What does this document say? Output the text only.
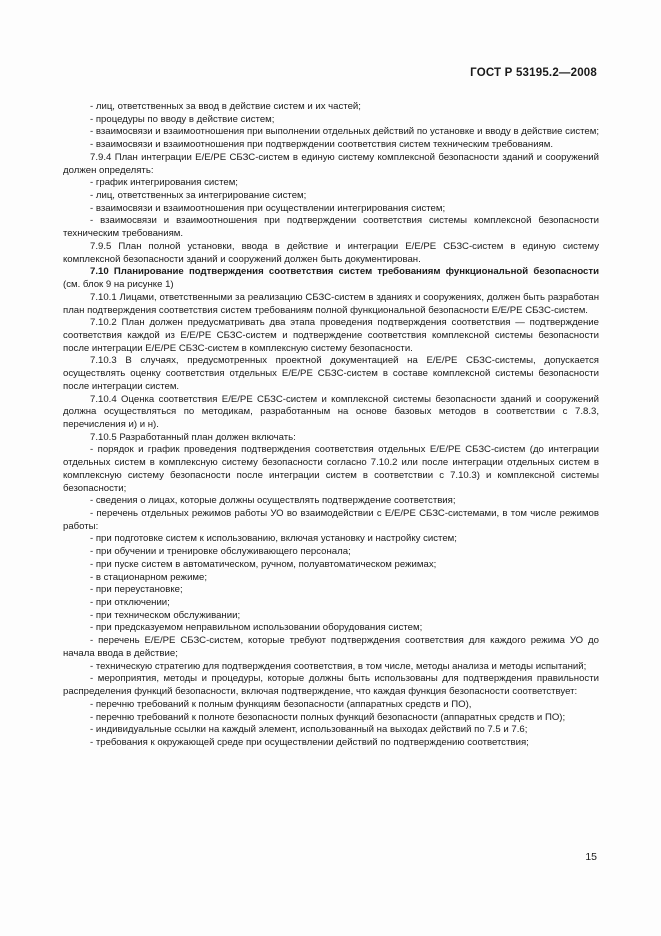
ГОСТ Р 53195.2—2008

- лиц, ответственных за ввод в действие систем и их частей;

- процедуры по вводу в действие систем;

- взаимосвязи и взаимоотношения при выполнении отдельных действий по установке и вводу в действие систем;

- взаимосвязи и взаимоотношения при подтверждении соответствия систем техническим требованиям.

7.9.4 План интеграции Е/Е/РЕ СБЗС-систем в единую систему комплексной безопасности зданий и сооружений должен определять:

- график интегрирования систем;

- лиц, ответственных за интегрирование систем;

- взаимосвязи и взаимоотношения при осуществлении интегрирования систем;

- взаимосвязи и взаимоотношения при подтверждении соответствия системы комплексной безопасности техническим требованиям.

7.9.5 План полной установки, ввода в действие и интеграции Е/Е/РЕ СБЗС-систем в единую систему комплексной безопасности зданий и сооружений должен быть документирован.

7.10 Планирование подтверждения соответствия систем требованиям функциональной безопасности (см. блок 9 на рисунке 1)

7.10.1 Лицами, ответственными за реализацию СБЗС-систем в зданиях и сооружениях, должен быть разработан план подтверждения соответствия систем требованиям полной функциональной безопасности Е/Е/РЕ СБЗС-систем.

7.10.2 План должен предусматривать два этапа проведения подтверждения соответствия — подтверждение соответствия каждой из Е/Е/РЕ СБЗС-систем и подтверждение соответствия комплексной системы безопасности после интеграции Е/Е/РЕ СБЗС-систем в комплексную систему безопасности.

7.10.3 В случаях, предусмотренных проектной документацией на Е/Е/РЕ СБЗС-системы, допускается осуществлять оценку соответствия отдельных Е/Е/РЕ СБЗС-систем в составе комплексной системы безопасности после интеграции систем.

7.10.4 Оценка соответствия Е/Е/РЕ СБЗС-систем и комплексной системы безопасности зданий и сооружений должна осуществляться по методикам, разработанным на основе базовых методов в соответствии с 7.8.3, перечисления и) и н).

7.10.5 Разработанный план должен включать:

- порядок и график проведения подтверждения соответствия отдельных Е/Е/РЕ СБЗС-систем (до интеграции отдельных систем в комплексную систему безопасности согласно 7.10.2 или после интеграции отдельных систем в комплексную систему безопасности после интеграции систем в соответствии с 7.10.3) и комплексной системы безопасности;

- сведения о лицах, которые должны осуществлять подтверждение соответствия;

- перечень отдельных режимов работы УО во взаимодействии с Е/Е/РЕ СБЗС-системами, в том числе режимов работы:

- при подготовке систем к использованию, включая установку и настройку систем;

- при обучении и тренировке обслуживающего персонала;

- при пуске систем в автоматическом, ручном, полуавтоматическом режимах;

- в стационарном режиме;

- при переустановке;

- при отключении;

- при техническом обслуживании;

- при предсказуемом неправильном использовании оборудования систем;

- перечень Е/Е/РЕ СБЗС-систем, которые требуют подтверждения соответствия для каждого режима УО до начала ввода в действие;

- техническую стратегию для подтверждения соответствия, в том числе, методы анализа и методы испытаний;

- мероприятия, методы и процедуры, которые должны быть использованы для подтверждения правильности распределения функций безопасности, включая подтверждение, что каждая функция безопасности соответствует:

- перечню требований к полным функциям безопасности (аппаратных средств и ПО),

- перечню требований к полноте безопасности полных функций безопасности (аппаратных средств и ПО);

- индивидуальные ссылки на каждый элемент, использованный на выходах действий по 7.5 и 7.6;

- требования к окружающей среде при осуществлении действий по подтверждению соответствия;

15
